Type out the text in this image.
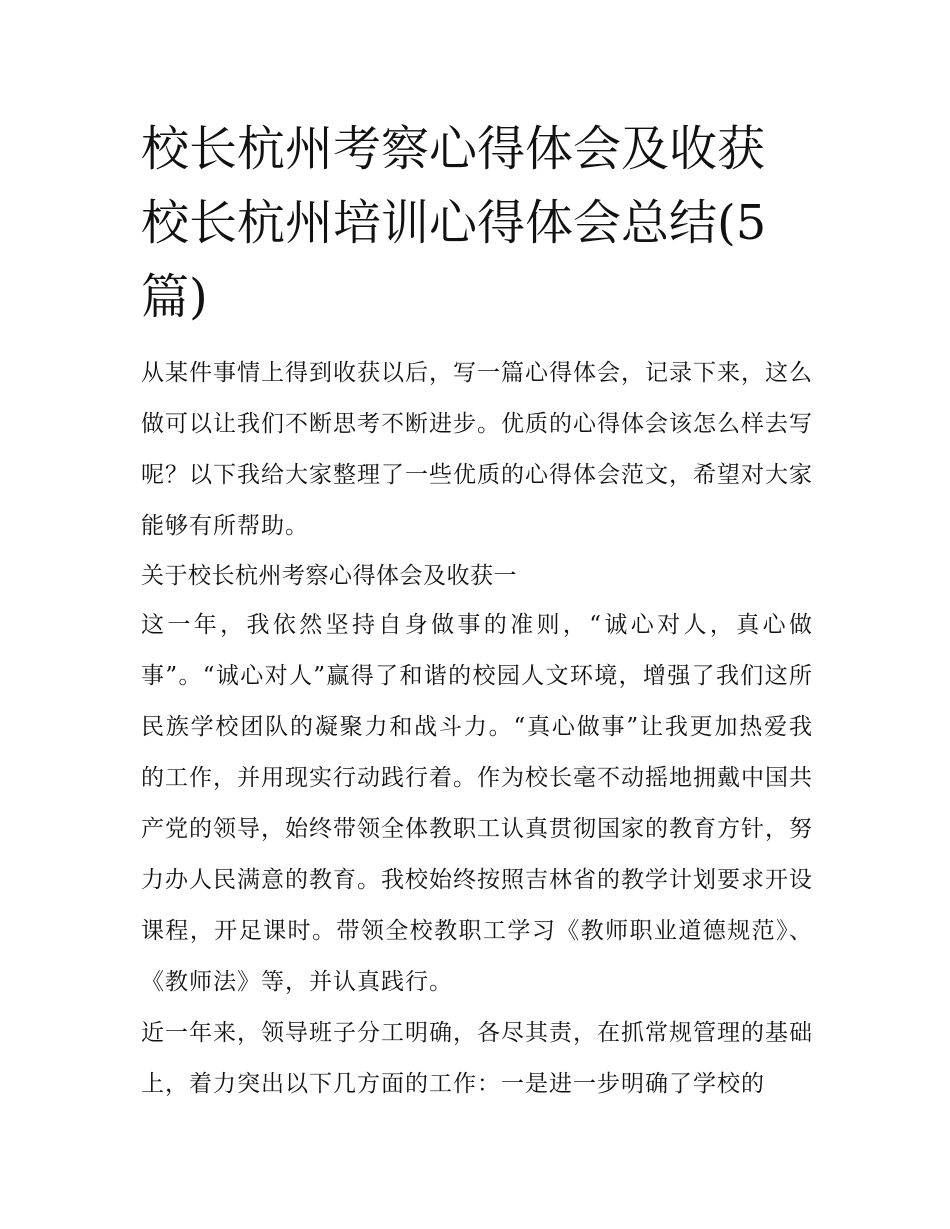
校长杭州考察心得体会及收获 校长杭州培训心得体会总结(5篇)

从某件事情上得到收获以后，写一篇心得体会，记录下来，这么做可以让我们不断思考不断进步。优质的心得体会该怎么样去写呢？以下我给大家整理了一些优质的心得体会范文，希望对大家能够有所帮助。

关于校长杭州考察心得体会及收获一

这一年，我依然坚持自身做事的准则，“诚心对人，真心做事”。“诚心对人”赢得了和谐的校园人文环境，增强了我们这所民族学校团队的凝聚力和战斗力。“真心做事”让我更加热爱我的工作，并用现实行动践行着。作为校长毫不动摇地拥戴中国共产党的领导，始终带领全体教职工认真贯彻国家的教育方针，努力办人民满意的教育。我校始终按照吉林省的教学计划要求开设课程，开足课时。带领全校教职工学习《教师职业道德规范》、《教师法》等，并认真践行。

近一年来，领导班子分工明确，各尽其责，在抓常规管理的基础上，着力突出以下几方面的工作：一是进一步明确了学校的
